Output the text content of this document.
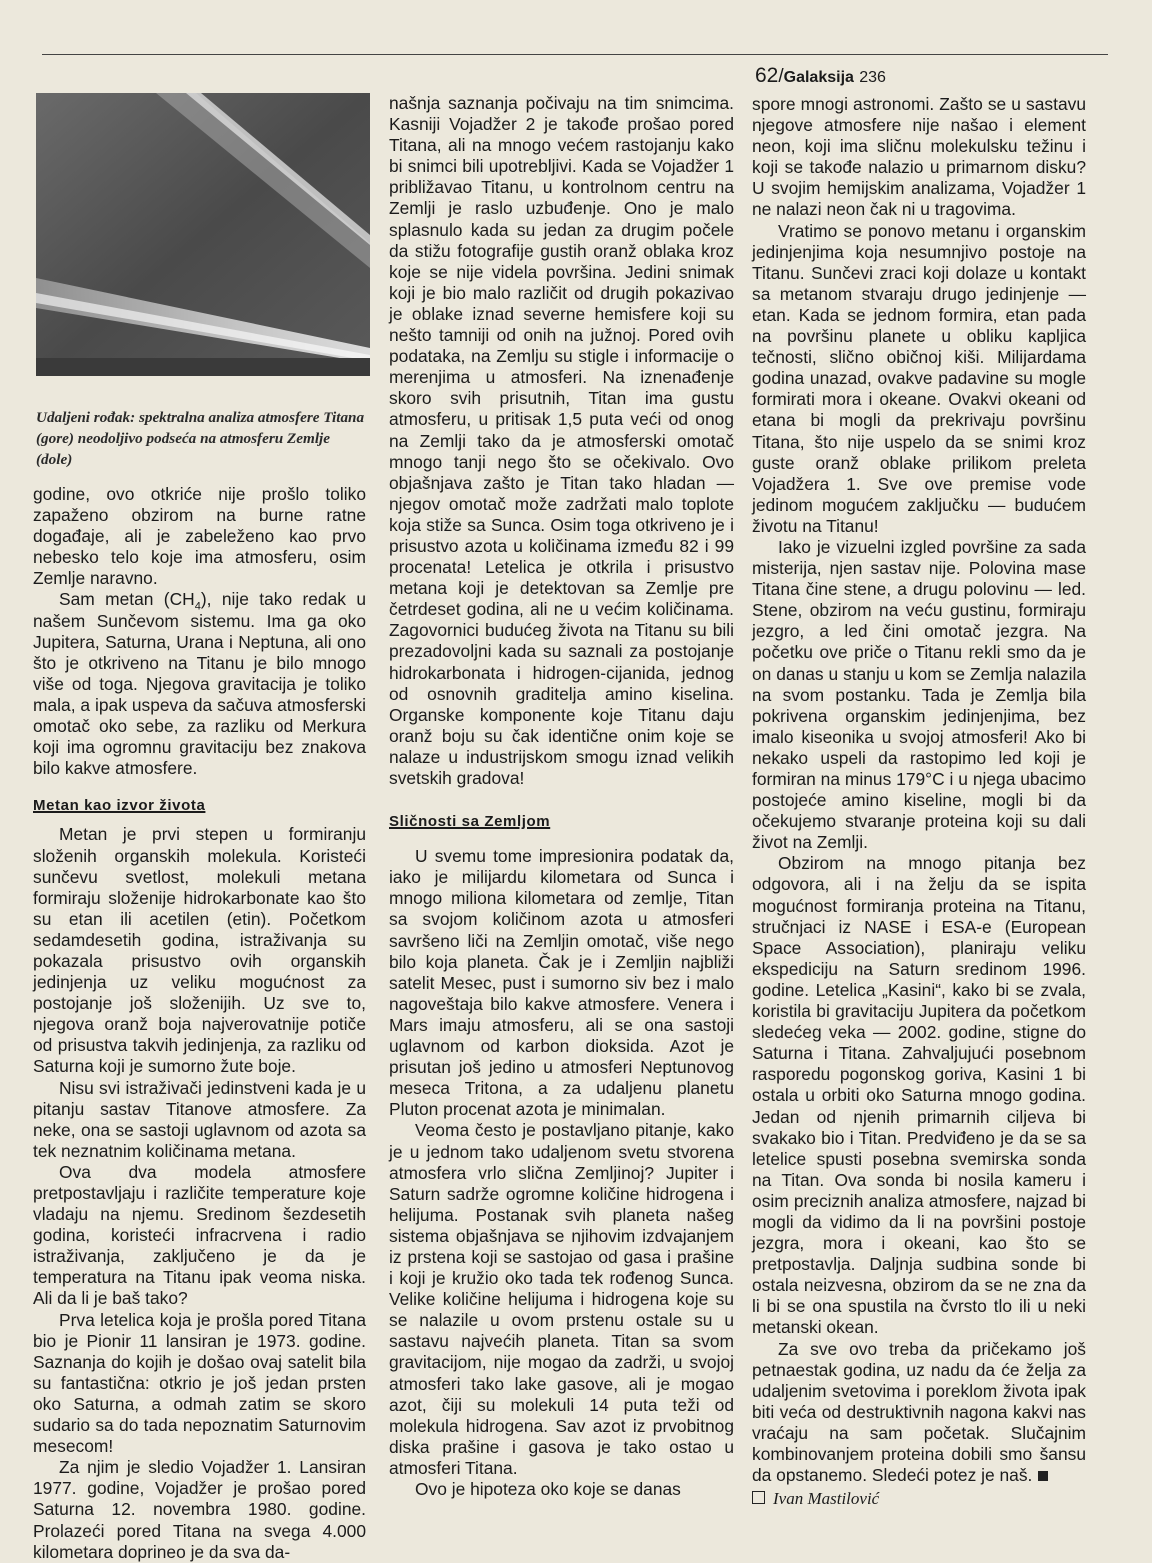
62/Galaksija 236
Udaljeni rođak: spektralna analiza atmosfere Titana (gore) neodoljivo podseća na atmosferu Zemlje (dole)

godine, ovo otkriće nije prošlo toliko zapaženo obzirom na burne ratne događaje, ali je zabeleženo kao prvo nebesko telo koje ima atmosferu, osim Zemlje naravno.

Sam metan $(CH_4)$, nije tako redak u našem Sunčevom sistemu. Ima ga oko Jupitera, Saturna, Urana i Neptuna, ali ono što je otkriveno na Titanu je bilo mnogo više od toga. Njegova gravitacija je toliko mala, a ipak uspeva da sačuva atmosferski omotač oko sebe, za razliku od Merkura koji ima ogromnu gravitaciju bez znakova bilo kakve atmosfere.

Metan kao izvor života

Metan je prvi stepen u formiranju složenih organskih molekula. Koristeći sunčevu svetlost, molekuli metana formiraju složenije hidrokarbonate kao što su etan ili acetilen (etin). Početkom sedamdesetih godina, istraživanja su pokazala prisustvo ovih organskih jedinjenja uz veliku mogućnost za postojanje još složenijih. Uz sve to, njegova oranž boja najverovatnije potiče od prisustva takvih jedinjenja, za razliku od Saturna koji je sumorno žute boje.

Nisu svi istraživači jedinstveni kada je u pitanju sastav Titanove atmosfere. Za neke, ona se sastoji uglavnom od azota sa tek neznatnim količinama metana.

Ova dva modela atmosfere pretpostavljaju i različite temperature koje vladaju na njemu. Sredinom šezdesetih godina, koristeći infracrvena i radio istraživanja, zaključeno je da je temperatura na Titanu ipak veoma niska. Ali da li je baš tako?

Prva letelica koja je prošla pored Titana bio je Pionir 11 lansiran je 1973. godine. Saznanja do kojih je došao ovaj satelit bila su fantastična: otkrio je još jedan prsten oko Saturna, a odmah zatim se skoro sudario sa do tada nepoznatim Saturnovim mesecom!

Za njim je sledio Vojadžer 1. Lansiran 1977. godine, Vojadžer je prošao pored Saturna 12. novembra 1980. godine. Prolazeći pored Titana na svega 4.000 kilometara doprineo je da sva da-

našnja saznanja počivaju na tim snimcima. Kasniji Vojadžer 2 je takođe prošao pored Titana, ali na mnogo većem rastojanju kako bi snimci bili upotrebljivi. Kada se Vojadžer 1 približavao Titanu, u kontrolnom centru na Zemlji je raslo uzbuđenje. Ono je malo splasnulo kada su jedan za drugim počele da stižu fotografije gustih oranž oblaka kroz koje se nije videla površina. Jedini snimak koji je bio malo različit od drugih pokazivao je oblake iznad severne hemisfere koji su nešto tamniji od onih na južnoj. Pored ovih podataka, na Zemlju su stigle i informacije o merenjima u atmosferi. Na iznenađenje skoro svih prisutnih, Titan ima gustu atmosferu, u pritisak 1,5 puta veći od onog na Zemlji tako da je atmosferski omotač mnogo tanji nego što se očekivalo. Ovo objašnjava zašto je Titan tako hladan — njegov omotač može zadržati malo toplote koja stiže sa Sunca. Osim toga otkriveno je i prisustvo azota u količinama između 82 i 99 procenata! Letelica je otkrila i prisustvo metana koji je detektovan sa Zemlje pre četrdeset godina, ali ne u većim količinama. Zagovornici budućeg života na Titanu su bili prezadovoljni kada su saznali za postojanje hidrokarbonata i hidrogen-cijanida, jednog od osnovnih graditelja amino kiselina. Organske komponente koje Titanu daju oranž boju su čak identične onim koje se nalaze u industrijskom smogu iznad velikih svetskih gradova!

Sličnosti sa Zemljom

U svemu tome impresionira podatak da, iako je milijardu kilometara od Sunca i mnogo miliona kilometara od zemlje, Titan sa svojom količinom azota u atmosferi savršeno liči na Zemljin omotač, više nego bilo koja planeta. Čak je i Zemljin najbliži satelit Mesec, pust i sumorno siv bez i malo nagoveštaja bilo kakve atmosfere. Venera i Mars imaju atmosferu, ali se ona sastoji uglavnom od karbon dioksida. Azot je prisutan još jedino u atmosferi Neptunovog meseca Tritona, a za udaljenu planetu Pluton procenat azota je minimalan.

Veoma često je postavljano pitanje, kako je u jednom tako udaljenom svetu stvorena atmosfera vrlo slična Zemljinoj? Jupiter i Saturn sadrže ogromne količine hidrogena i helijuma. Postanak svih planeta našeg sistema objašnjava se njihovim izdvajanjem iz prstena koji se sastojao od gasa i prašine i koji je kružio oko tada tek rođenog Sunca. Velike količine helijuma i hidrogena koje su se nalazile u ovom prstenu ostale su u sastavu najvećih planeta. Titan sa svom gravitacijom, nije mogao da zadrži, u svojoj atmosferi tako lake gasove, ali je mogao azot, čiji su molekuli 14 puta teži od molekula hidrogena. Sav azot iz prvobitnog diska prašine i gasova je tako ostao u atmosferi Titana.

Ovo je hipoteza oko koje se danas

spore mnogi astronomi. Zašto se u sastavu njegove atmosfere nije našao i element neon, koji ima sličnu molekulsku težinu i koji se takođe nalazio u primarnom disku? U svojim hemijskim analizama, Vojadžer 1 ne nalazi neon čak ni u tragovima.

Vratimo se ponovo metanu i organskim jedinjenjima koja nesumnjivo postoje na Titanu. Sunčevi zraci koji dolaze u kontakt sa metanom stvaraju drugo jedinjenje — etan. Kada se jednom formira, etan pada na površinu planete u obliku kapljica tečnosti, slično običnoj kiši. Milijardama godina unazad, ovakve padavine su mogle formirati mora i okeane. Ovakvi okeani od etana bi mogli da prekrivaju površinu Titana, što nije uspelo da se snimi kroz guste oranž oblake prilikom preleta Vojadžera 1. Sve ove premise vode jedinom mogućem zaključku — budućem životu na Titanu!

Iako je vizuelni izgled površine za sada misterija, njen sastav nije. Polovina mase Titana čine stene, a drugu polovinu — led. Stene, obzirom na veću gustinu, formiraju jezgro, a led čini omotač jezgra. Na početku ove priče o Titanu rekli smo da je on danas u stanju u kom se Zemlja nalazila na svom postanku. Tada je Zemlja bila pokrivena organskim jedinjenjima, bez imalo kiseonika u svojoj atmosferi! Ako bi nekako uspeli da rastopimo led koji je formiran na minus 179°C i u njega ubacimo postojeće amino kiseline, mogli bi da očekujemo stvaranje proteina koji su dali život na Zemlji.

Obzirom na mnogo pitanja bez odgovora, ali i na želju da se ispita mogućnost formiranja proteina na Titanu, stručnjaci iz NASE i ESA-e (European Space Association), planiraju veliku ekspediciju na Saturn sredinom 1996. godine. Letelica „Kasini“, kako bi se zvala, koristila bi gravitaciju Jupitera da početkom sledećeg veka — 2002. godine, stigne do Saturna i Titana. Zahvaljujući posebnom rasporedu pogonskog goriva, Kasini 1 bi ostala u orbiti oko Saturna mnogo godina. Jedan od njenih primarnih ciljeva bi svakako bio i Titan. Predviđeno je da se sa letelice spusti posebna svemirska sonda na Titan. Ova sonda bi nosila kameru i osim preciznih analiza atmosfere, najzad bi mogli da vidimo da li na površini postoje jezgra, mora i okeani, kao što se pretpostavlja. Daljnja sudbina sonde bi ostala neizvesna, obzirom da se ne zna da li bi se ona spustila na čvrsto tlo ili u neki metanski okean.

Za sve ovo treba da pričekamo još petnaestak godina, uz nadu da će želja za udaljenim svetovima i poreklom života ipak biti veća od destruktivnih nagona kakvi nas vraćaju na sam početak. Slučajnim kombinovanjem proteina dobili smo šansu da opstanemo. Sledeći potez je naš.

Ivan Mastilović
